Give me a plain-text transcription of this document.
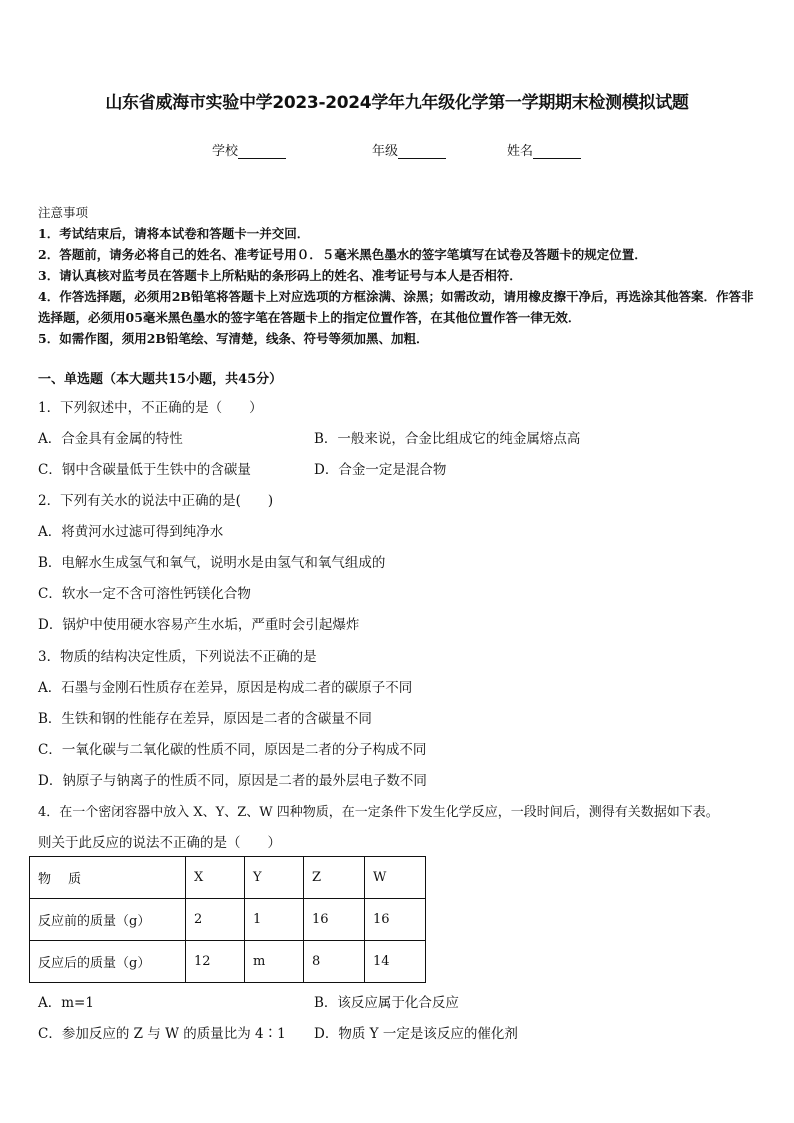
山东省威海市实验中学2023-2024学年九年级化学第一学期期末检测模拟试题
学校	年级	姓名
注意事项
1．考试结束后，请将本试卷和答题卡一并交回．
2．答题前，请务必将自己的姓名、准考证号用０．５毫米黑色墨水的签字笔填写在试卷及答题卡的规定位置．
3．请认真核对监考员在答题卡上所粘贴的条形码上的姓名、准考证号与本人是否相符．
4．作答选择题，必须用2B铅笔将答题卡上对应选项的方框涂满、涂黑；如需改动，请用橡皮擦干净后，再选涂其他答案．作答非选择题，必须用05毫米黑色墨水的签字笔在答题卡上的指定位置作答，在其他位置作答一律无效．
5．如需作图，须用2B铅笔绘、写清楚，线条、符号等须加黑、加粗．
一、单选题（本大题共15小题，共45分）
1．下列叙述中，不正确的是（　　）
A．合金具有金属的特性	B．一般来说，合金比组成它的纯金属熔点高
C．钢中含碳量低于生铁中的含碳量	D．合金一定是混合物
2．下列有关水的说法中正确的是(　　)
A．将黄河水过滤可得到纯净水
B．电解水生成氢气和氧气，说明水是由氢气和氧气组成的
C．软水一定不含可溶性钙镁化合物
D．锅炉中使用硬水容易产生水垢，严重时会引起爆炸
3．物质的结构决定性质，下列说法不正确的是
A．石墨与金刚石性质存在差异，原因是构成二者的碳原子不同
B．生铁和钢的性能存在差异，原因是二者的含碳量不同
C．一氧化碳与二氧化碳的性质不同，原因是二者的分子构成不同
D．钠原子与钠离子的性质不同，原因是二者的最外层电子数不同
4．在一个密闭容器中放入 X、Y、Z、W 四种物质，在一定条件下发生化学反应，一段时间后，测得有关数据如下表。
则关于此反应的说法不正确的是（　　）
物　 质	X	Y	Z	W
反应前的质量（g）	2	1	16	16
反应后的质量（g）	12	m	8	14
A．m=1	B．该反应属于化合反应
C．参加反应的 Z 与 W 的质量比为 4∶1 D．物质 Y 一定是该反应的催化剂
